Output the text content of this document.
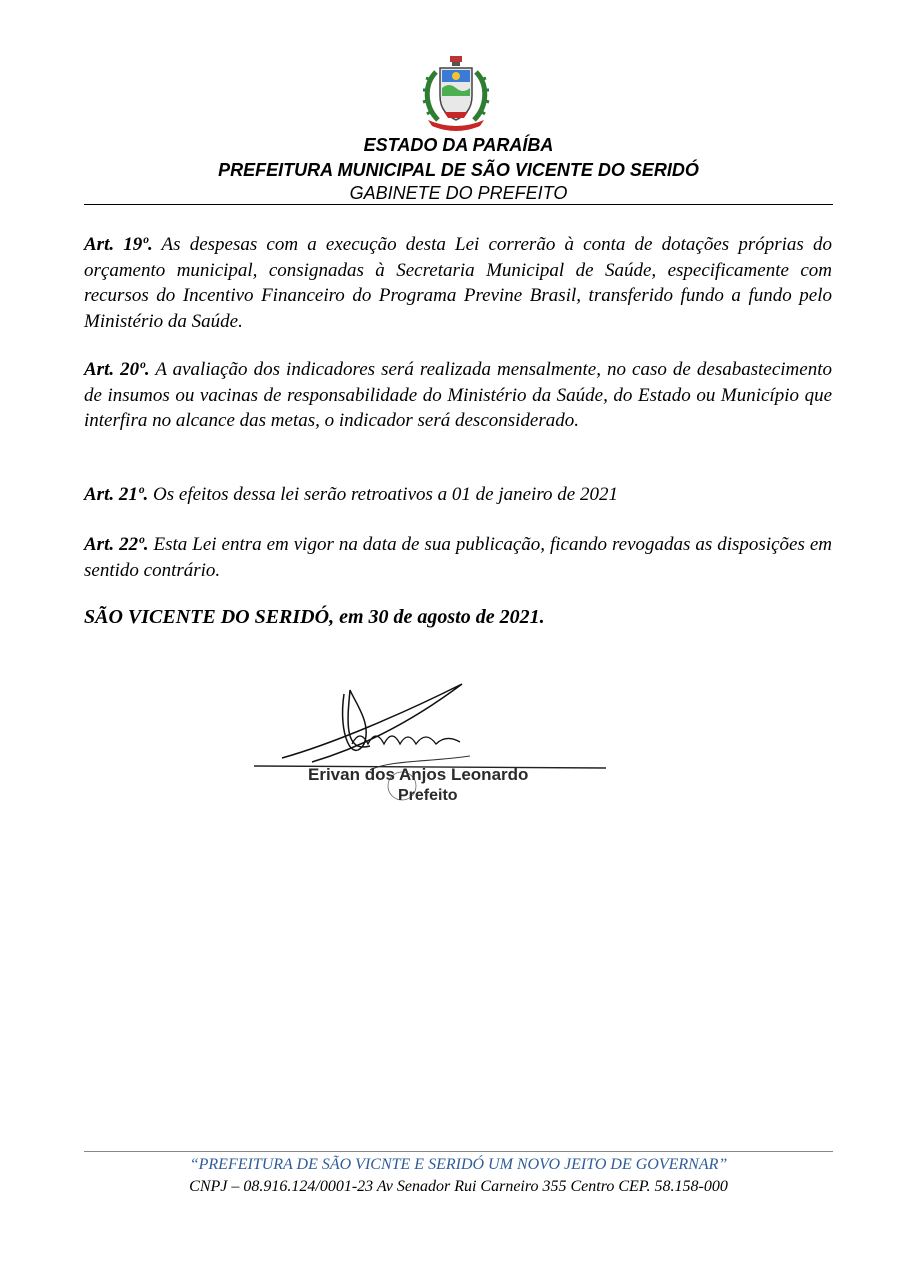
ESTADO DA PARAÍBA
PREFEITURA MUNICIPAL DE SÃO VICENTE DO SERIDÓ
GABINETE DO PREFEITO
Art. 19º. As despesas com a execução desta Lei correrão à conta de dotações próprias do orçamento municipal, consignadas à Secretaria Municipal de Saúde, especificamente com recursos do Incentivo Financeiro do Programa Previne Brasil, transferido fundo a fundo pelo Ministério da Saúde.
Art. 20º. A avaliação dos indicadores será realizada mensalmente, no caso de desabastecimento de insumos ou vacinas de responsabilidade do Ministério da Saúde, do Estado ou Município que interfira no alcance das metas, o indicador será desconsiderado.
Art. 21º. Os efeitos dessa lei serão retroativos a 01 de janeiro de 2021
Art. 22º. Esta Lei entra em vigor na data de sua publicação, ficando revogadas as disposições em sentido contrário.
SÃO VICENTE DO SERIDÓ, em 30 de agosto de 2021.
Erivan dos Anjos Leonardo
Prefeito
“PREFEITURA DE SÃO VICNTE E SERIDÓ UM NOVO JEITO DE GOVERNAR”
CNPJ – 08.916.124/0001-23 Av Senador Rui Carneiro 355 Centro CEP. 58.158-000
